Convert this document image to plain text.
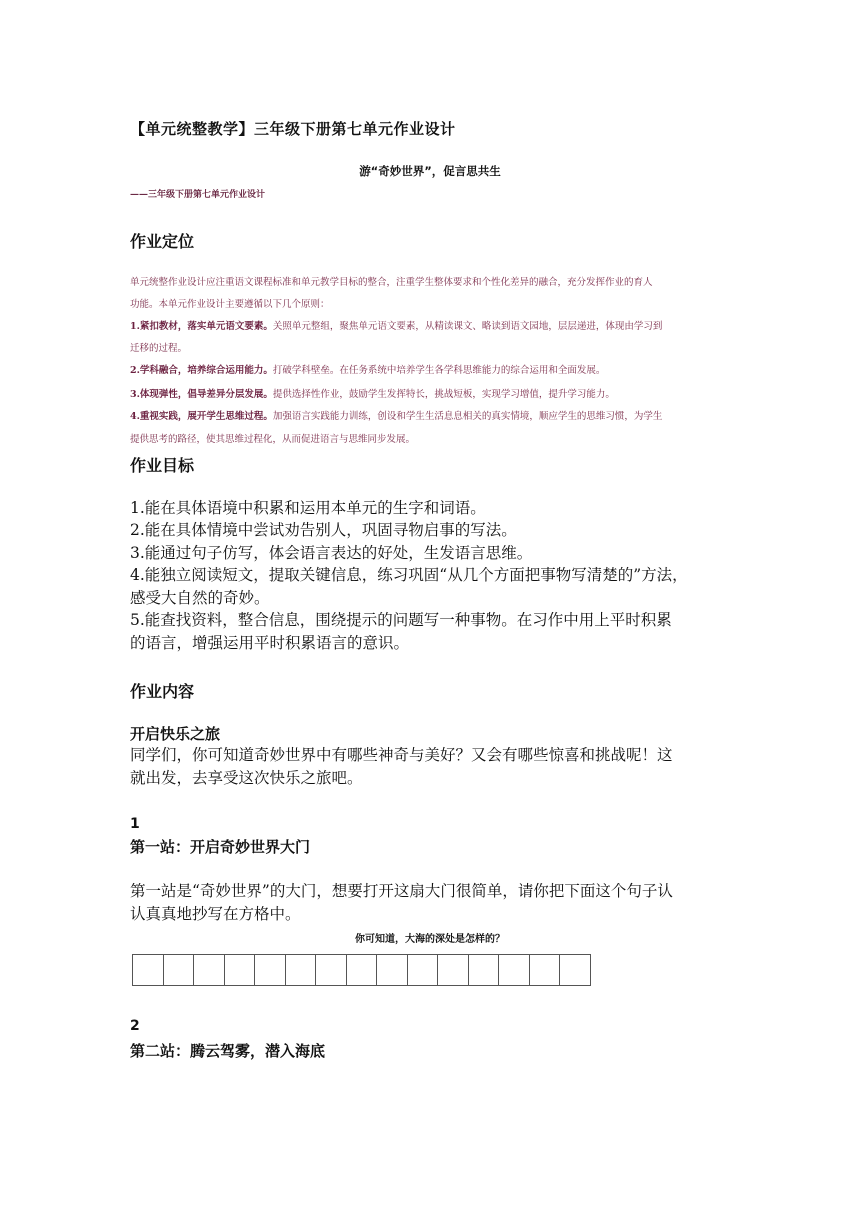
【单元统整教学】三年级下册第七单元作业设计
游“奇妙世界”，促言思共生
——三年级下册第七单元作业设计
作业定位
单元统整作业设计应注重语文课程标准和单元教学目标的整合，注重学生整体要求和个性化差异的融合，充分发挥作业的育人
功能。本单元作业设计主要遵循以下几个原则：
1.紧扣教材，落实单元语文要素。关照单元整组，聚焦单元语文要素，从精读课文、略读到语文园地，层层递进，体现由学习到
迁移的过程。
2.学科融合，培养综合运用能力。打破学科壁垒。在任务系统中培养学生各学科思维能力的综合运用和全面发展。
3.体现弹性，倡导差异分层发展。提供选择性作业，鼓励学生发挥特长，挑战短板，实现学习增值，提升学习能力。
4.重视实践，展开学生思维过程。加强语言实践能力训练，创设和学生生活息息相关的真实情境，顺应学生的思维习惯，为学生
提供思考的路径，使其思维过程化，从而促进语言与思维同步发展。
作业目标
1.能在具体语境中积累和运用本单元的生字和词语。
2.能在具体情境中尝试劝告别人，巩固寻物启事的写法。
3.能通过句子仿写，体会语言表达的好处，生发语言思维。
4.能独立阅读短文，提取关键信息，练习巩固“从几个方面把事物写清楚的”方法，
感受大自然的奇妙。
5.能查找资料，整合信息，围绕提示的问题写一种事物。在习作中用上平时积累
的语言，增强运用平时积累语言的意识。
作业内容
开启快乐之旅
同学们，你可知道奇妙世界中有哪些神奇与美好？又会有哪些惊喜和挑战呢！这
就出发，去享受这次快乐之旅吧。
1
第一站：开启奇妙世界大门
第一站是“奇妙世界”的大门，想要打开这扇大门很简单，请你把下面这个句子认
认真真地抄写在方格中。
你可知道，大海的深处是怎样的？
2
第二站：腾云驾雾，潜入海底
